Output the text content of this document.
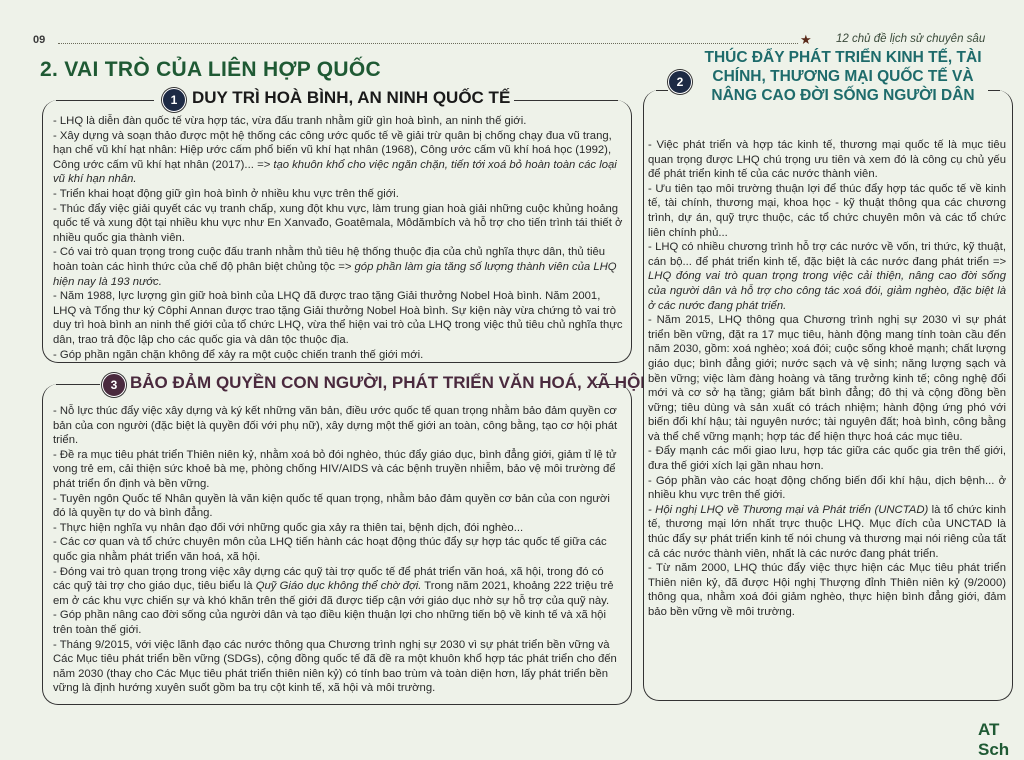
09	★ 12 chủ đề lịch sử chuyên sâu
2. VAI TRÒ CỦA LIÊN HỢP QUỐC
1 DUY TRÌ HOÀ BÌNH, AN NINH QUỐC TẾ
- LHQ là diễn đàn quốc tế vừa hợp tác, vừa đấu tranh nhằm giữ gìn hoà bình, an ninh thế giới.
- Xây dựng và soạn thảo được một hệ thống các công ước quốc tế về giải trừ quân bị chống chạy đua vũ trang, hạn chế vũ khí hạt nhân: Hiệp ước cấm phổ biến vũ khí hạt nhân (1968), Công ước cấm vũ khí hoá học (1992), Công ước cấm vũ khí hạt nhân (2017)... => tạo khuôn khổ cho việc ngăn chặn, tiến tới xoá bỏ hoàn toàn các loại vũ khí hạn nhân.
- Triển khai hoạt động giữ gìn hoà bình ở nhiều khu vực trên thế giới.
- Thúc đẩy việc giải quyết các vụ tranh chấp, xung đột khu vực, làm trung gian hoà giải những cuộc khủng hoảng quốc tế và xung đột tại nhiều khu vực như En Xanvađo, Goatêmala, Môdămbích và hỗ trợ cho tiến trình tái thiết ở nhiều quốc gia thành viên.
- Có vai trò quan trọng trong cuộc đấu tranh nhằm thủ tiêu hệ thống thuộc địa của chủ nghĩa thực dân, thủ tiêu hoàn toàn các hình thức của chế độ phân biệt chủng tộc => góp phần làm gia tăng số lượng thành viên của LHQ hiện nay là 193 nước.
- Năm 1988, lực lượng gìn giữ hoà bình của LHQ đã được trao tặng Giải thưởng Nobel Hoà bình. Năm 2001, LHQ và Tổng thư ký Côphi Annan được trao tặng Giải thưởng Nobel Hoà bình. Sự kiện này vừa chứng tỏ vai trò duy trì hoà bình an ninh thế giới của tổ chức LHQ, vừa thể hiện vai trò của LHQ trong việc thủ tiêu chủ nghĩa thực dân, trao trả độc lập cho các quốc gia và dân tộc thuộc địa.
- Góp phần ngăn chặn không để xảy ra một cuộc chiến tranh thế giới mới.
3 BẢO ĐẢM QUYỀN CON NGƯỜI, PHÁT TRIỂN VĂN HOÁ, XÃ HỘI
- Nỗ lực thúc đẩy việc xây dựng và ký kết những văn bản, điều ước quốc tế quan trọng nhằm bảo đảm quyền cơ bản của con người (đặc biệt là quyền đối với phụ nữ), xây dựng một thế giới an toàn, công bằng, tạo cơ hội phát triển.
- Đề ra mục tiêu phát triển Thiên niên kỷ, nhằm xoá bỏ đói nghèo, thúc đẩy giáo dục, bình đẳng giới, giảm tỉ lệ tử vong trẻ em, cải thiện sức khoẻ bà mẹ, phòng chống HIV/AIDS và các bệnh truyền nhiễm, bảo vệ môi trường để phát triển ổn định và bền vững.
- Tuyên ngôn Quốc tế Nhân quyền là văn kiện quốc tế quan trọng, nhằm bảo đảm quyền cơ bản của con người đó là quyền tự do và bình đẳng.
- Thực hiện nghĩa vụ nhân đạo đối với những quốc gia xảy ra thiên tai, bệnh dịch, đói nghèo...
- Các cơ quan và tổ chức chuyên môn của LHQ tiến hành các hoạt động thúc đẩy sự hợp tác quốc tế giữa các quốc gia nhằm phát triển văn hoá, xã hội.
- Đóng vai trò quan trọng trong việc xây dựng các quỹ tài trợ quốc tế để phát triển văn hoá, xã hội, trong đó có các quỹ tài trợ cho giáo dục, tiêu biểu là Quỹ Giáo dục không thể chờ đợi. Trong năm 2021, khoảng 222 triệu trẻ em ở các khu vực chiến sự và khó khăn trên thế giới đã được tiếp cận với giáo dục nhờ sự hỗ trợ của quỹ này.
- Góp phần nâng cao đời sống của người dân và tạo điều kiện thuận lợi cho những tiến bộ về kinh tế và xã hội trên toàn thế giới.
- Tháng 9/2015, với việc lãnh đạo các nước thông qua Chương trình nghị sự 2030 vì sự phát triển bền vững và Các Mục tiêu phát triển bền vững (SDGs), cộng đồng quốc tế đã đề ra một khuôn khổ hợp tác phát triển cho đến năm 2030 (thay cho Các Mục tiêu phát triển thiên niên kỷ) có tính bao trùm và toàn diện hơn, lấy phát triển bền vững là định hướng xuyên suốt gồm ba trụ cột kinh tế, xã hội và môi trường.
2
THÚC ĐẨY PHÁT TRIỂN KINH TẾ, TÀI
CHÍNH, THƯƠNG MẠI QUỐC TẾ VÀ
NÂNG CAO ĐỜI SỐNG NGƯỜI DÂN
- Việc phát triển và hợp tác kinh tế, thương mại quốc tế là mục tiêu quan trọng được LHQ chú trọng ưu tiên và xem đó là công cụ chủ yếu để phát triển kinh tế của các nước thành viên.
- Ưu tiên tạo môi trường thuận lợi để thúc đẩy hợp tác quốc tế về kinh tế, tài chính, thương mại, khoa học - kỹ thuật thông qua các chương trình, dự án, quỹ trực thuộc, các tổ chức chuyên môn và các tổ chức liên chính phủ...
- LHQ có nhiều chương trình hỗ trợ các nước về vốn, tri thức, kỹ thuật, cán bộ... để phát triển kinh tế, đặc biệt là các nước đang phát triển => LHQ đóng vai trò quan trọng trong việc cải thiện, nâng cao đời sống của người dân và hỗ trợ cho công tác xoá đói, giảm nghèo, đặc biệt là ở các nước đang phát triển.
- Năm 2015, LHQ thông qua Chương trình nghị sự 2030 vì sự phát triển bền vững, đặt ra 17 mục tiêu, hành động mang tính toàn cầu đến năm 2030, gồm: xoá nghèo; xoá đói; cuộc sống khoẻ mạnh; chất lượng giáo dục; bình đẳng giới; nước sạch và vệ sinh; năng lượng sạch và bền vững; việc làm đàng hoàng và tăng trưởng kinh tế; công nghệ đổi mới và cơ sở hạ tầng; giảm bất bình đẳng; đô thị và cộng đồng bền vững; tiêu dùng và sản xuất có trách nhiệm; hành động ứng phó với biến đổi khí hậu; tài nguyên nước; tài nguyên đất; hoà bình, công bằng và thể chế vững mạnh; hợp tác để hiện thực hoá các mục tiêu.
- Đẩy mạnh các mối giao lưu, hợp tác giữa các quốc gia trên thế giới, đưa thế giới xích lại gần nhau hơn.
- Góp phần vào các hoạt động chống biến đổi khí hậu, dịch bệnh... ở nhiều khu vực trên thế giới.
- Hội nghị LHQ về Thương mại và Phát triển (UNCTAD) là tổ chức kinh tế, thương mại lớn nhất trực thuộc LHQ. Mục đích của UNCTAD là thúc đẩy sự phát triển kinh tế nói chung và thương mại nói riêng của tất cả các nước thành viên, nhất là các nước đang phát triển.
- Từ năm 2000, LHQ thúc đẩy việc thực hiện các Mục tiêu phát triển Thiên niên kỷ, đã được Hội nghị Thượng đỉnh Thiên niên kỷ (9/2000) thông qua, nhằm xoá đói giảm nghèo, thực hiện bình đẳng giới, đảm bảo bền vững về môi trường.
AT Sch
